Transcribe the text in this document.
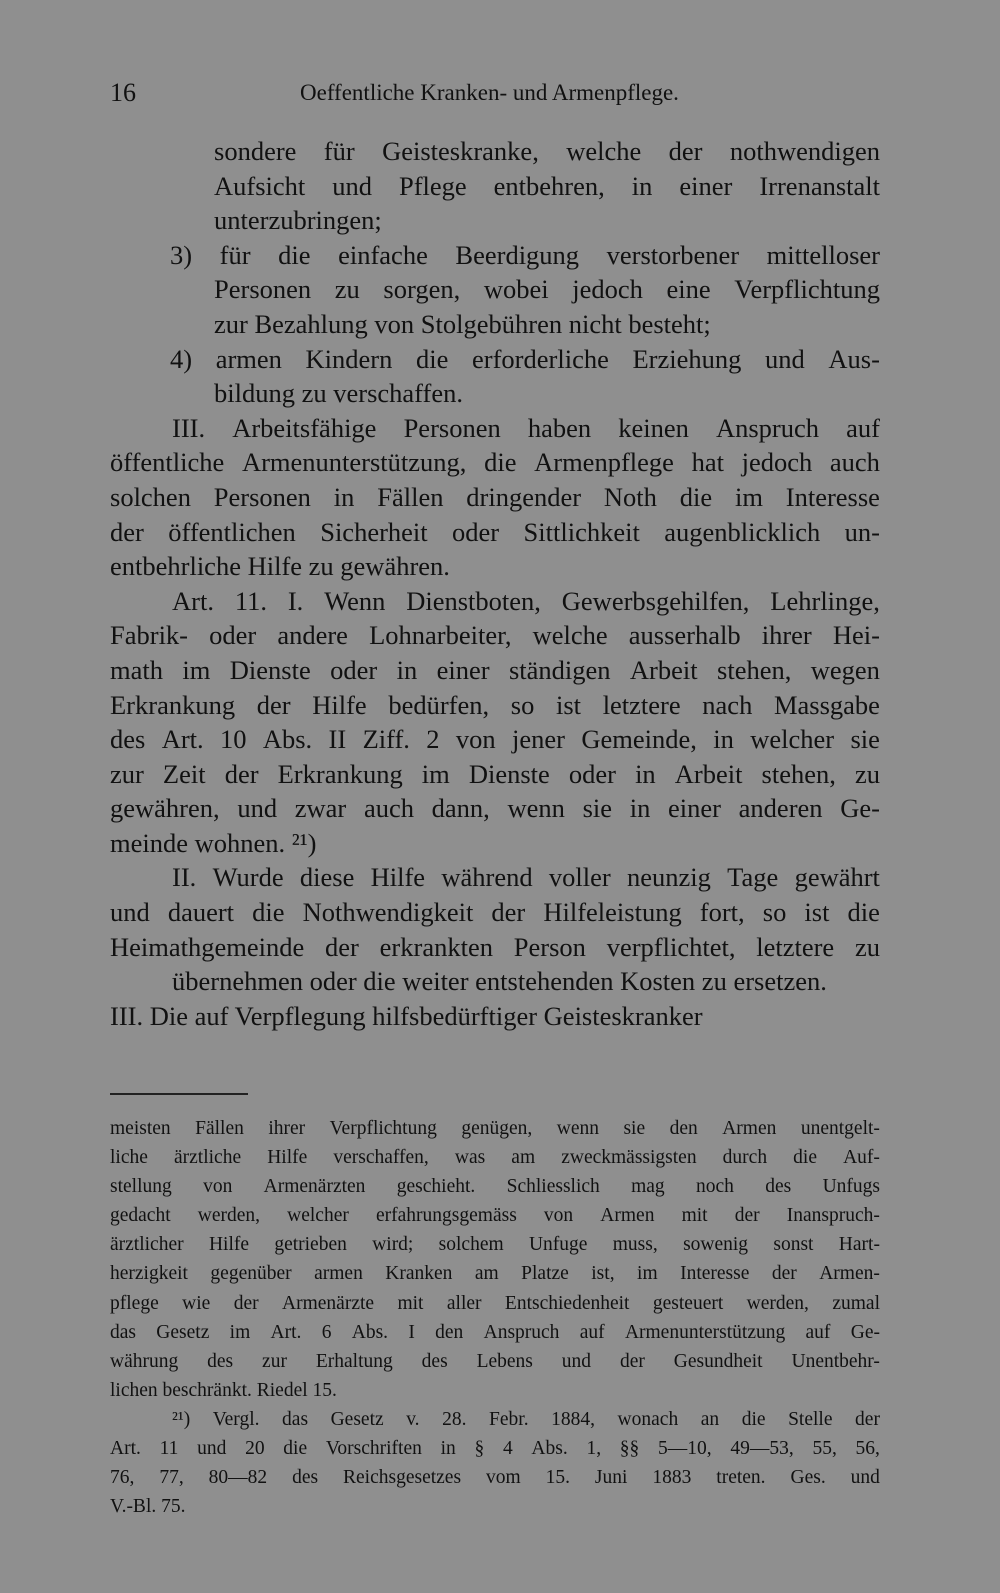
16	Oeffentliche Kranken- und Armenpflege.
sondere für Geisteskranke, welche der nothwendigen
Aufsicht und Pflege entbehren, in einer Irrenanstalt
unterzubringen;
3) für die einfache Beerdigung verstorbener mittelloser
Personen zu sorgen, wobei jedoch eine Verpflichtung
zur Bezahlung von Stolgebühren nicht besteht;
4) armen Kindern die erforderliche Erziehung und Aus-
bildung zu verschaffen.
III. Arbeitsfähige Personen haben keinen Anspruch auf
öffentliche Armenunterstützung, die Armenpflege hat jedoch auch
solchen Personen in Fällen dringender Noth die im Interesse
der öffentlichen Sicherheit oder Sittlichkeit augenblicklich un-
entbehrliche Hilfe zu gewähren.
Art. 11. I. Wenn Dienstboten, Gewerbsgehilfen, Lehrlinge,
Fabrik- oder andere Lohnarbeiter, welche ausserhalb ihrer Hei-
math im Dienste oder in einer ständigen Arbeit stehen, wegen
Erkrankung der Hilfe bedürfen, so ist letztere nach Massgabe
des Art. 10 Abs. II Ziff. 2 von jener Gemeinde, in welcher sie
zur Zeit der Erkrankung im Dienste oder in Arbeit stehen, zu
gewähren, und zwar auch dann, wenn sie in einer anderen Ge-
meinde wohnen. ²¹)
II. Wurde diese Hilfe während voller neunzig Tage gewährt
und dauert die Nothwendigkeit der Hilfeleistung fort, so ist die
Heimathgemeinde der erkrankten Person verpflichtet, letztere zu
übernehmen oder die weiter entstehenden Kosten zu ersetzen.
III. Die auf Verpflegung hilfsbedürftiger Geisteskranker
meisten Fällen ihrer Verpflichtung genügen, wenn sie den Armen unentgelt-
liche ärztliche Hilfe verschaffen, was am zweckmässigsten durch die Auf-
stellung von Armenärzten geschieht. Schliesslich mag noch des Unfugs
gedacht werden, welcher erfahrungsgemäss von Armen mit der Inanspruch-
ärztlicher Hilfe getrieben wird; solchem Unfuge muss, sowenig sonst Hart-
herzigkeit gegenüber armen Kranken am Platze ist, im Interesse der Armen-
pflege wie der Armenärzte mit aller Entschiedenheit gesteuert werden, zumal
das Gesetz im Art. 6 Abs. I den Anspruch auf Armenunterstützung auf Ge-
währung des zur Erhaltung des Lebens und der Gesundheit Unentbehr-
lichen beschränkt. Riedel 15.
²¹) Vergl. das Gesetz v. 28. Febr. 1884, wonach an die Stelle der
Art. 11 und 20 die Vorschriften in § 4 Abs. 1, §§ 5—10, 49—53, 55, 56,
76, 77, 80—82 des Reichsgesetzes vom 15. Juni 1883 treten. Ges. und
V.-Bl. 75.
